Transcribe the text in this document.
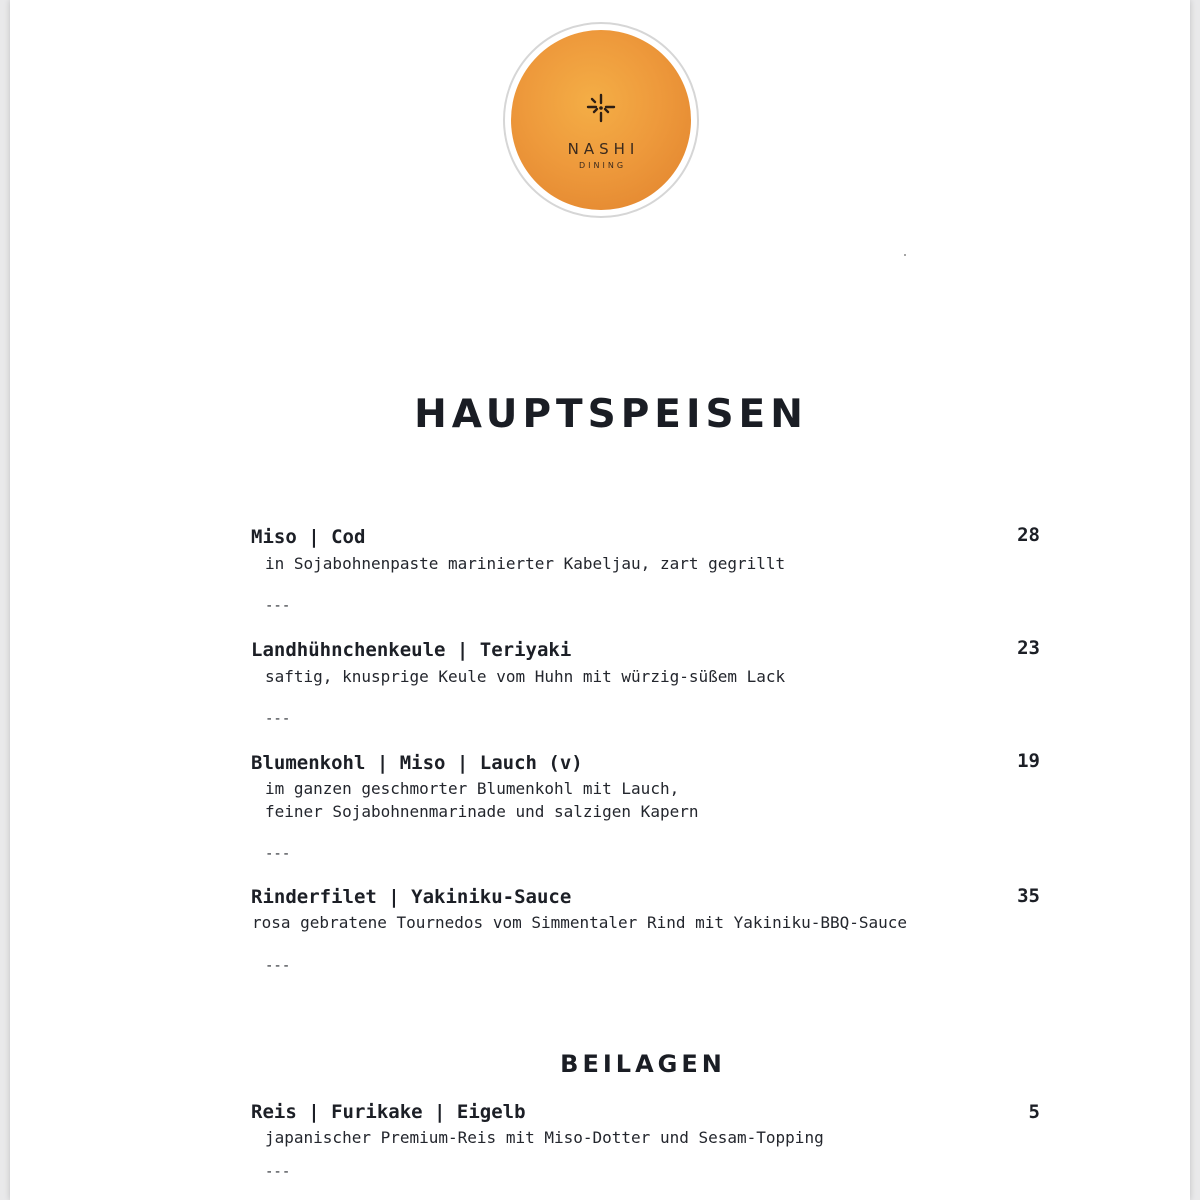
NASHI
DINING
HAUPTSPEISEN
Miso | Cod	28
in Sojabohnenpaste marinierter Kabeljau, zart gegrillt
---
Landhühnchenkeule | Teriyaki	23
saftig, knusprige Keule vom Huhn mit würzig-süßem Lack
---
Blumenkohl | Miso | Lauch (v)	19
im ganzen geschmorter Blumenkohl mit Lauch,
feiner Sojabohnenmarinade und salzigen Kapern
---
Rinderfilet | Yakiniku-Sauce	35
rosa gebratene Tournedos vom Simmentaler Rind mit Yakiniku-BBQ-Sauce
---
BEILAGEN
Reis | Furikake | Eigelb	5
japanischer Premium-Reis mit Miso-Dotter und Sesam-Topping
---
